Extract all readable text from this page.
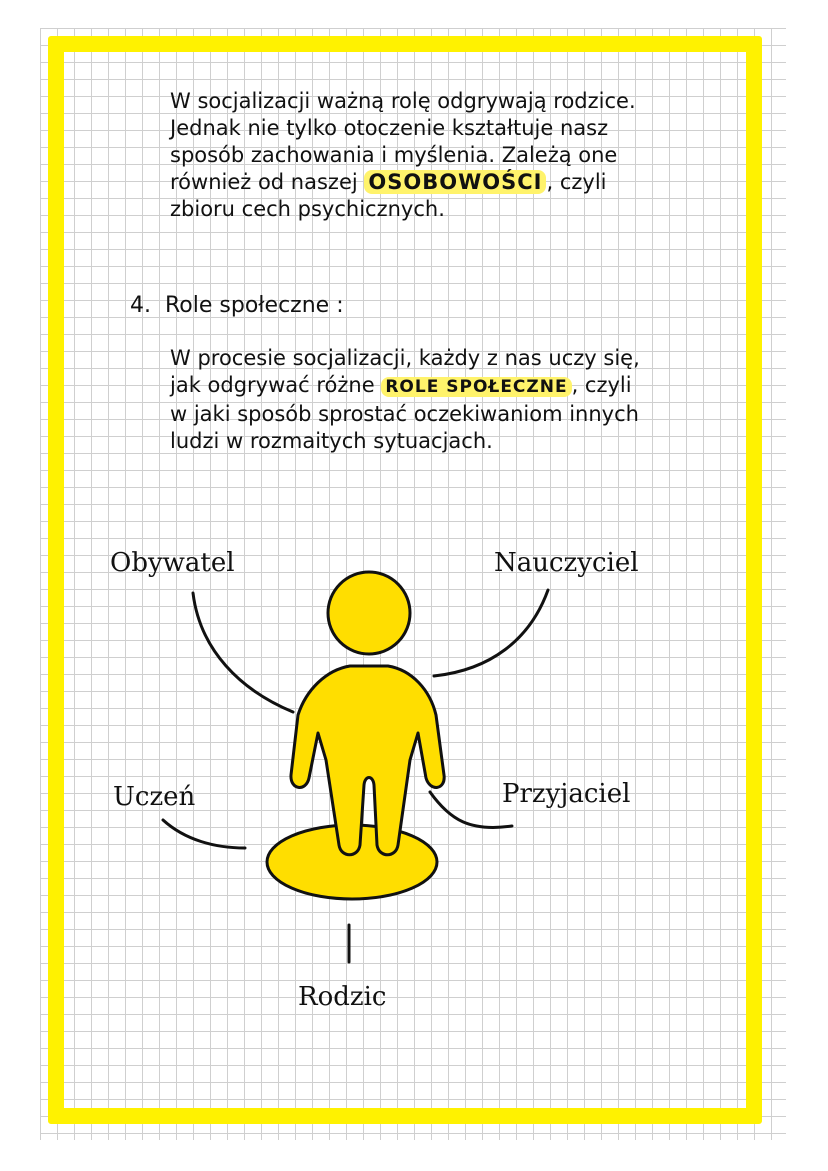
W socjalizacji ważną rolę odgrywają rodzice. Jednak nie tylko otoczenie kształtuje nasz sposób zachowania i myślenia. Zależą one również od naszej OSOBOWOŚCI , czyli zbioru cech psychicznych.

4. Role społeczne :

W procesie socjalizacji, każdy z nas uczy się, jak odgrywać różne ROLE SPOŁECZNE , czyli w jaki sposób sprostać oczekiwaniom innych ludzi w rozmaitych sytuacjach.

Obywatel	Nauczyciel
Uczeń	Przyjaciel
Rodzic
